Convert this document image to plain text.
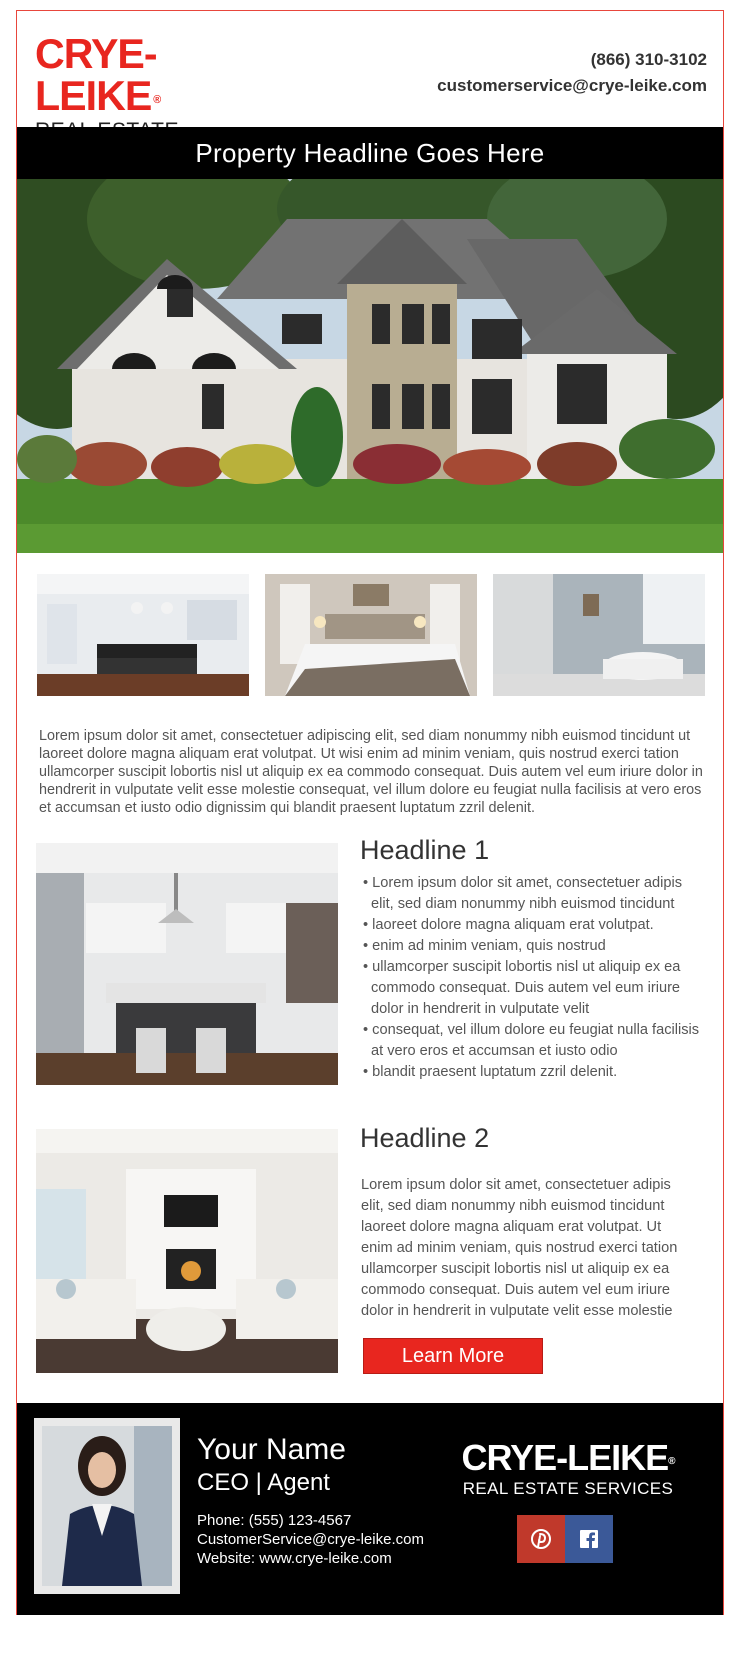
CRYE-LEIKE ®
(866) 310-3102
customerservice@crye-leike.com
Property Headline Goes Here
Lorem ipsum dolor sit amet, consectetuer adipiscing elit, sed diam nonummy nibh euismod tincidunt ut laoreet dolore magna aliquam erat volutpat. Ut wisi enim ad minim veniam, quis nostrud exerci tation ullamcorper suscipit lobortis nisl ut aliquip ex ea commodo consequat. Duis autem vel eum iriure dolor in hendrerit in vulputate velit esse molestie consequat, vel illum dolore eu feugiat nulla facilisis at vero eros et accumsan et iusto odio dignissim qui blandit praesent luptatum zzril delenit.
Headline 1
• Lorem ipsum dolor sit amet, consectetuer adipis elit, sed diam nonummy nibh euismod tincidunt
• laoreet dolore magna aliquam erat volutpat.
• enim ad minim veniam, quis nostrud
• ullamcorper suscipit lobortis nisl ut aliquip ex ea commodo consequat. Duis autem vel eum iriure dolor in hendrerit in vulputate velit
• consequat, vel illum dolore eu feugiat nulla facilisis at vero eros et accumsan et iusto odio
• blandit praesent luptatum zzril delenit.
Headline 2
Lorem ipsum dolor sit amet, consectetuer adipis elit, sed diam nonummy nibh euismod tincidunt laoreet dolore magna aliquam erat volutpat. Ut enim ad minim veniam, quis nostrud exerci tation ullamcorper suscipit lobortis nisl ut aliquip ex ea commodo consequat. Duis autem vel eum iriure dolor in hendrerit in vulputate velit esse molestie
Learn More
Your Name
CEO | Agent
Phone: (555) 123-4567
CustomerService@crye-leike.com
Website: www.crye-leike.com
CRYE-LEIKE®
REAL ESTATE SERVICES
